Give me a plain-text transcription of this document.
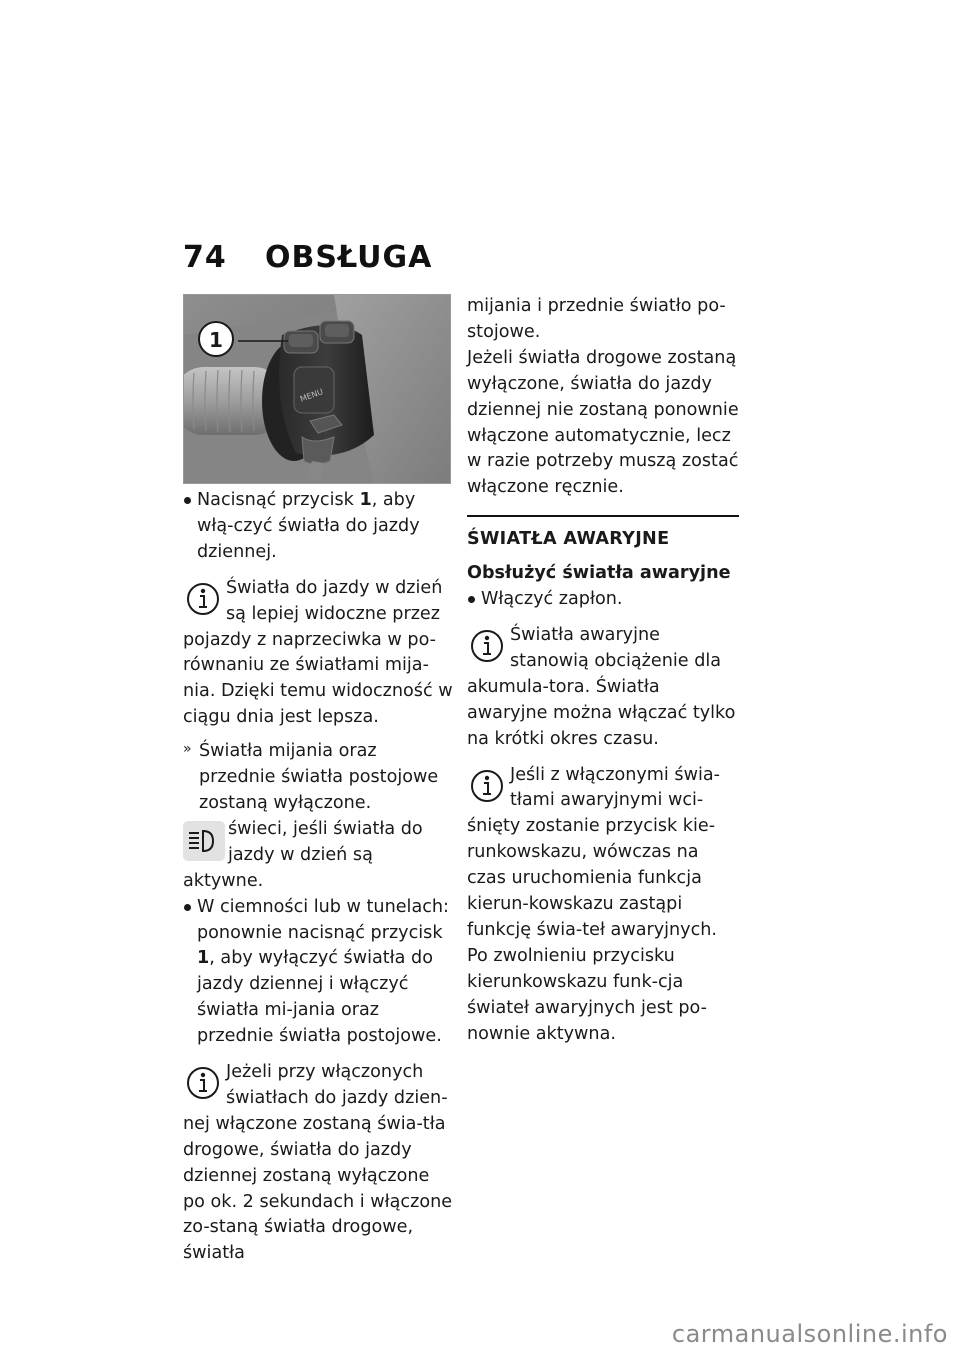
74 OBSŁUGA
MENU
1

Nacisnąć przycisk 1, aby włą-czyć światła do jazdy dziennej.

Światła do jazdy w dzień są lepiej widoczne przez pojazdy z naprzeciwka w po-równaniu ze światłami mija-nia. Dzięki temu widoczność w ciągu dnia jest lepsza.

» Światła mijania oraz przednie światła postojowe zostaną wyłączone.

świeci, jeśli światła do jazdy w dzień są aktywne.

W ciemności lub w tunelach: ponownie nacisnąć przycisk 1, aby wyłączyć światła do jazdy dziennej i włączyć światła mi-jania oraz przednie światła postojowe.

Jeżeli przy włączonych światłach do jazdy dzien-nej włączone zostaną świa-tła drogowe, światła do jazdy dziennej zostaną wyłączone po ok. 2 sekundach i włączone zo-staną światła drogowe, światła

mijania i przednie światło po-stojowe.

Jeżeli światła drogowe zostaną wyłączone, światła do jazdy dziennej nie zostaną ponownie włączone automatycznie, lecz w razie potrzeby muszą zostać włączone ręcznie.

ŚWIATŁA AWARYJNE

Obsłużyć światła awaryjne

Włączyć zapłon.

Światła awaryjne stanowią obciążenie dla akumula-tora. Światła awaryjne można włączać tylko na krótki okres czasu.

Jeśli z włączonymi świa-tłami awaryjnymi wci-śnięty zostanie przycisk kie-runkowskazu, wówczas na czas uruchomienia funkcja kierun-kowskazu zastąpi funkcję świa-teł awaryjnych. Po zwolnieniu przycisku kierunkowskazu funk-cja świateł awaryjnych jest po-nownie aktywna.

carmanualsonline.info
